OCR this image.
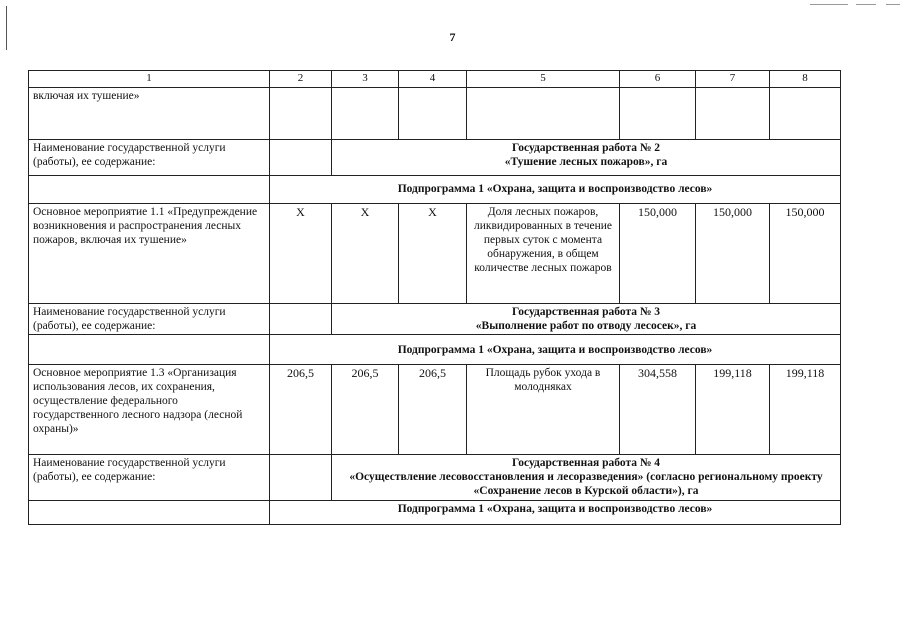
7
1	2	3	4	5	6	7	8
включая их тушение»							
Наименование государственной услуги (работы), ее содержание:		Государственная работа № 2
«Тушение лесных пожаров», га					

	Подпрограмма 1 «Охрана, защита и воспроизводство лесов»						
Основное мероприятие 1.1 «Предупреждение возникновения и распространения лесных пожаров, включая их тушение»	Х	Х	Х	Доля лесных пожаров, ликвидированных в течение первых суток с момента обнаружения, в общем количестве лесных пожаров	150,000	150,000	150,000
Наименование государственной услуги (работы), ее содержание:		Государственная работа № 3
«Выполнение работ по отводу лесосек», га					

	Подпрограмма 1 «Охрана, защита и воспроизводство лесов»						
Основное мероприятие 1.3 «Организация использования лесов, их сохранения, осуществление федерального государственного лесного надзора (лесной охраны)»	206,5	206,5	206,5	Площадь рубок ухода в молодняках	304,558	199,118	199,118
Наименование государственной услуги (работы), ее содержание:		Государственная работа № 4
«Осуществление лесовосстановления и лесоразведения» (согласно региональному проекту «Сохранение лесов в Курской области»), га					

	Подпрограмма 1 «Охрана, защита и воспроизводство лесов»						
